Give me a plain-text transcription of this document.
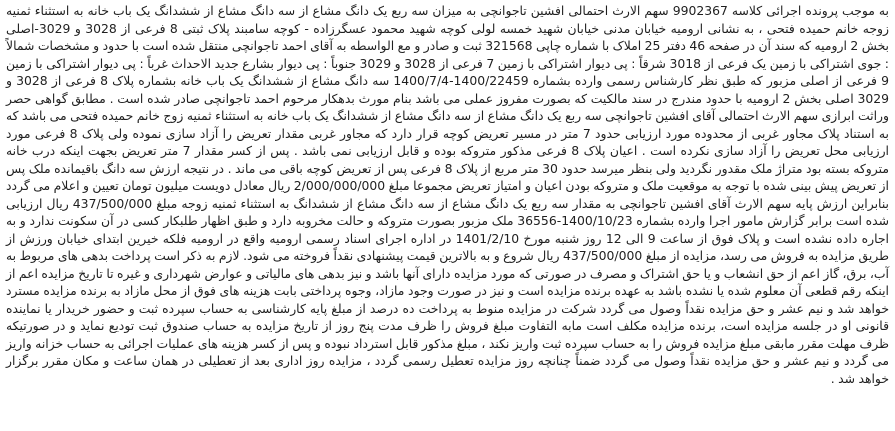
به موجب پرونده اجرائی کلاسه 9902367 سهم الارث احتمالی افشین تاجوانچی به میزان سه ربع یک دانگ مشاع از سه دانگ مشاع از ششدانگ یک باب خانه به استثناء ثمنیه زوجه خانم حمیده فتحی ، به نشانی ارومیه خیابان مدنی خیابان شهید خمسه لولی کوچه شهید محمود عسگرزاده - کوچه سامبند پلاک ثبتی 8 فرعی از 3028 و 3029-اصلی بخش 2 ارومیه که سند آن در صفحه 46 دفتر 25 املاک با شماره چاپی 321568 ثبت و صادر و مع الواسطه به آقای احمد تاجوانچی منتقل شده است با حدود و مشخصات شمالاً : جوی اشتراکی با زمین یک فرعی از 3018 شرقاً : پی دیوار اشتراکی با زمین 7 فرعی از 3028 و 3029 جنوباً : پی دیوار بشارع جدید الاحداث غرباً : پی دیوار اشتراکی با زمین 9 فرعی از اصلی مزبور که طبق نظر کارشناس رسمی وارده بشماره 1400/22459-1400/7/4 سه دانگ مشاع از ششدانگ یک باب خانه بشماره پلاک 8 فرعی از 3028 و 3029 اصلی بخش 2 ارومیه با حدود مندرج در سند مالکیت که بصورت مفروز عملی می باشد بنام مورث بدهکار مرحوم احمد تاجوانچی صادر شده است . مطابق گواهی حصر وراثت ابرازی سهم الارث احتمالی آقای افشین تاجوانچی سه ربع یک دانگ مشاع از سه دانگ مشاع از ششدانگ یک باب خانه به استثناء ثمنیه زوج خانم حمیده فتحی می باشد که به استناد پلاک مجاور غربی از محدوده مورد ارزیابی حدود 7 متر در مسیر تعریض کوچه قرار دارد که مجاور غربی مقدار تعریض را آزاد سازی نموده ولی پلاک 8 فرعی مورد ارزیابی محل تعریض را آزاد سازی نکرده است . اعیان پلاک 8 فرعی مذکور متروکه بوده و قابل ارزیابی نمی باشد . پس از کسر مقدار 7 متر تعریض بجهت اینکه درب خانه متروکه بسته بود متراژ ملک مقدور نگردید ولی بنظر میرسد حدود 30 متر مربع از پلاک 8 فرعی پس از تعریض کوچه باقی می ماند . در نتیجه ارزش سه دانگ باقیمانده ملک پس از تعریض پیش بینی شده با توجه به موقعیت ملک و متروکه بودن اعیان و امتیاز تعریض مجموعا مبلغ 2/000/000/000 ریال معادل دویست میلیون تومان تعیین و اعلام می گردد بنابراین ارزش پایه سهم الارث آقای افشین تاجوانچی به مقدار سه ربع یک دانگ مشاع از سه دانگ مشاع از ششدانگ به استثناء ثمنیه زوجه مبلغ 437/500/000 ریال ارزیابی شده است برابر گزارش مامور اجرا وارده بشماره 1400/10/23-36556 ملک مزبور بصورت متروکه و حالت مخروبه دارد و طبق اظهار طلبکار کسی در آن سکونت ندارد و به اجاره داده نشده است و پلاک فوق از ساعت 9 الی 12 روز شنبه مورخ 1401/2/10 در اداره اجرای اسناد رسمی ارومیه واقع در ارومیه فلکه خیرین ابتدای خیابان ورزش از طریق مزایده به فروش می رسد، مزایده از مبلغ 437/500/000 ریال شروع و به بالاترین قیمت پیشنهادی نقداً فروخته می شود. لازم به ذکر است پرداخت بدهی های مربوط به آب، برق، گاز اعم از حق انشعاب و یا حق اشتراک و مصرف در صورتی که مورد مزایده دارای آنها باشد و نیز بدهی های مالیاتی و عوارض شهرداری و غیره تا تاریخ مزایده اعم از اینکه رقم قطعی آن معلوم شده یا نشده باشد به عهده برنده مزایده است و نیز در صورت وجود مازاد، وجوه پرداختی بابت هزینه های فوق از محل مازاد به برنده مزایده مسترد خواهد شد و نیم عشر و حق مزایده نقداً وصول می گردد شرکت در مزایده منوط به پرداخت ده درصد از مبلغ پایه کارشناسی به حساب سپرده ثبت و حضور خریدار یا نماینده قانونی او در جلسه مزایده است، برنده مزایده مکلف است مابه التفاوت مبلغ فروش را ظرف مدت پنج روز از تاریخ مزایده به حساب صندوق ثبت تودیع نماید و در صورتیکه ظرف مهلت مقرر مابقی مبلغ مزایده فروش را به حساب سپرده ثبت واریز نکند ، مبلغ مذکور قابل استرداد نبوده و پس از کسر هزینه های عملیات اجرائی به حساب خزانه واریز می گردد و نیم عشر و حق مزایده نقداً وصول می گردد ضمناً چنانچه روز مزایده تعطیل رسمی گردد ، مزایده روز اداری بعد از تعطیلی در همان ساعت و مکان مقرر برگزار خواهد شد .
